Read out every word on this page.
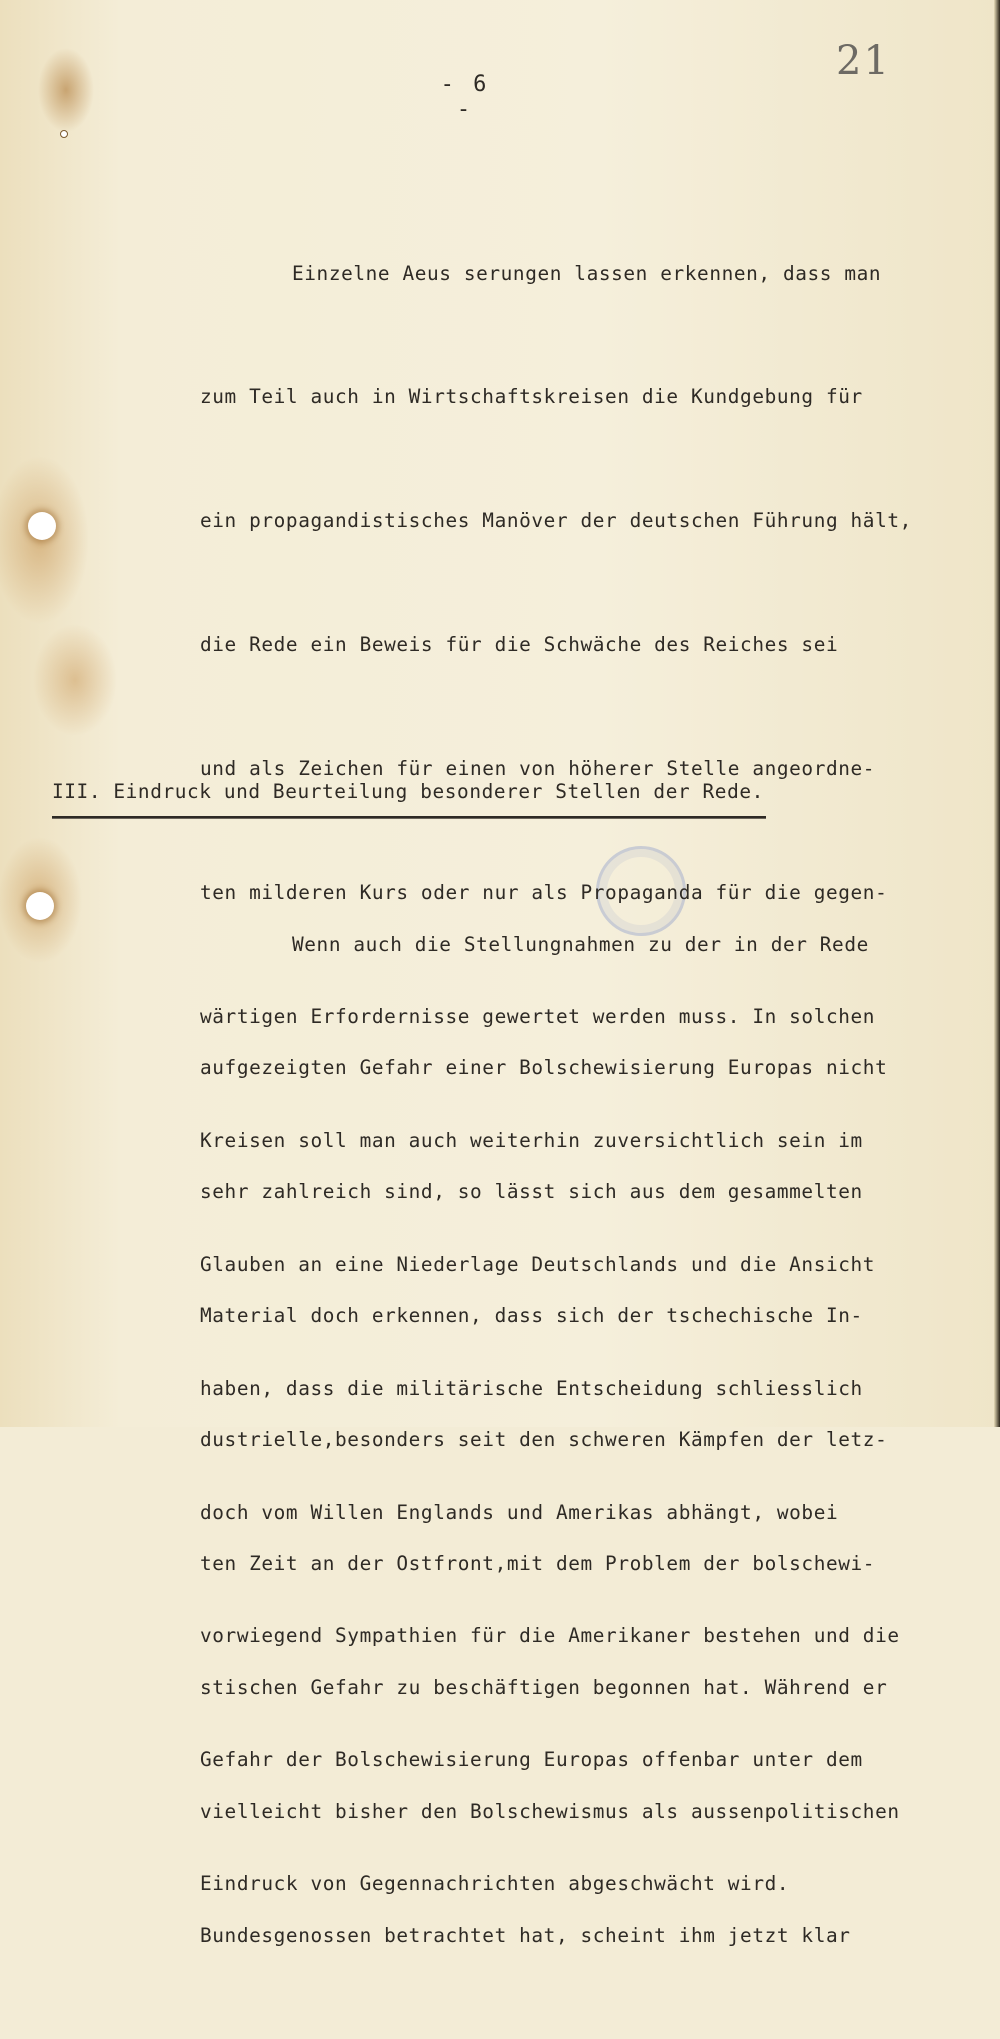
- 6 -
21

Einzelne Aeus serungen lassen erkennen, dass man

zum Teil auch in Wirtschaftskreisen die Kundgebung für

ein propagandistisches Manöver der deutschen Führung hält,

die Rede ein Beweis für die Schwäche des Reiches sei

und als Zeichen für einen von höherer Stelle angeordne-

ten milderen Kurs oder nur als Propaganda für die gegen-

wärtigen Erfordernisse gewertet werden muss. In solchen

Kreisen soll man auch weiterhin zuversichtlich sein im

Glauben an eine Niederlage Deutschlands und die Ansicht

haben, dass die militärische Entscheidung schliesslich

doch vom Willen Englands und Amerikas abhängt, wobei

vorwiegend Sympathien für die Amerikaner bestehen und die

Gefahr der Bolschewisierung Europas offenbar unter dem

Eindruck von Gegennachrichten abgeschwächt wird.

III. Eindruck und Beurteilung besonderer Stellen der Rede.

Wenn auch die Stellungnahmen zu der in der Rede

aufgezeigten Gefahr einer Bolschewisierung Europas nicht

sehr zahlreich sind, so lässt sich aus dem gesammelten

Material doch erkennen, dass sich der tschechische In-

dustrielle,besonders seit den schweren Kämpfen der letz-

ten Zeit an der Ostfront,mit dem Problem der bolschewi-

stischen Gefahr zu beschäftigen begonnen hat. Während er

vielleicht bisher den Bolschewismus als aussenpolitischen

Bundesgenossen betrachtet hat, scheint ihm jetzt klar
